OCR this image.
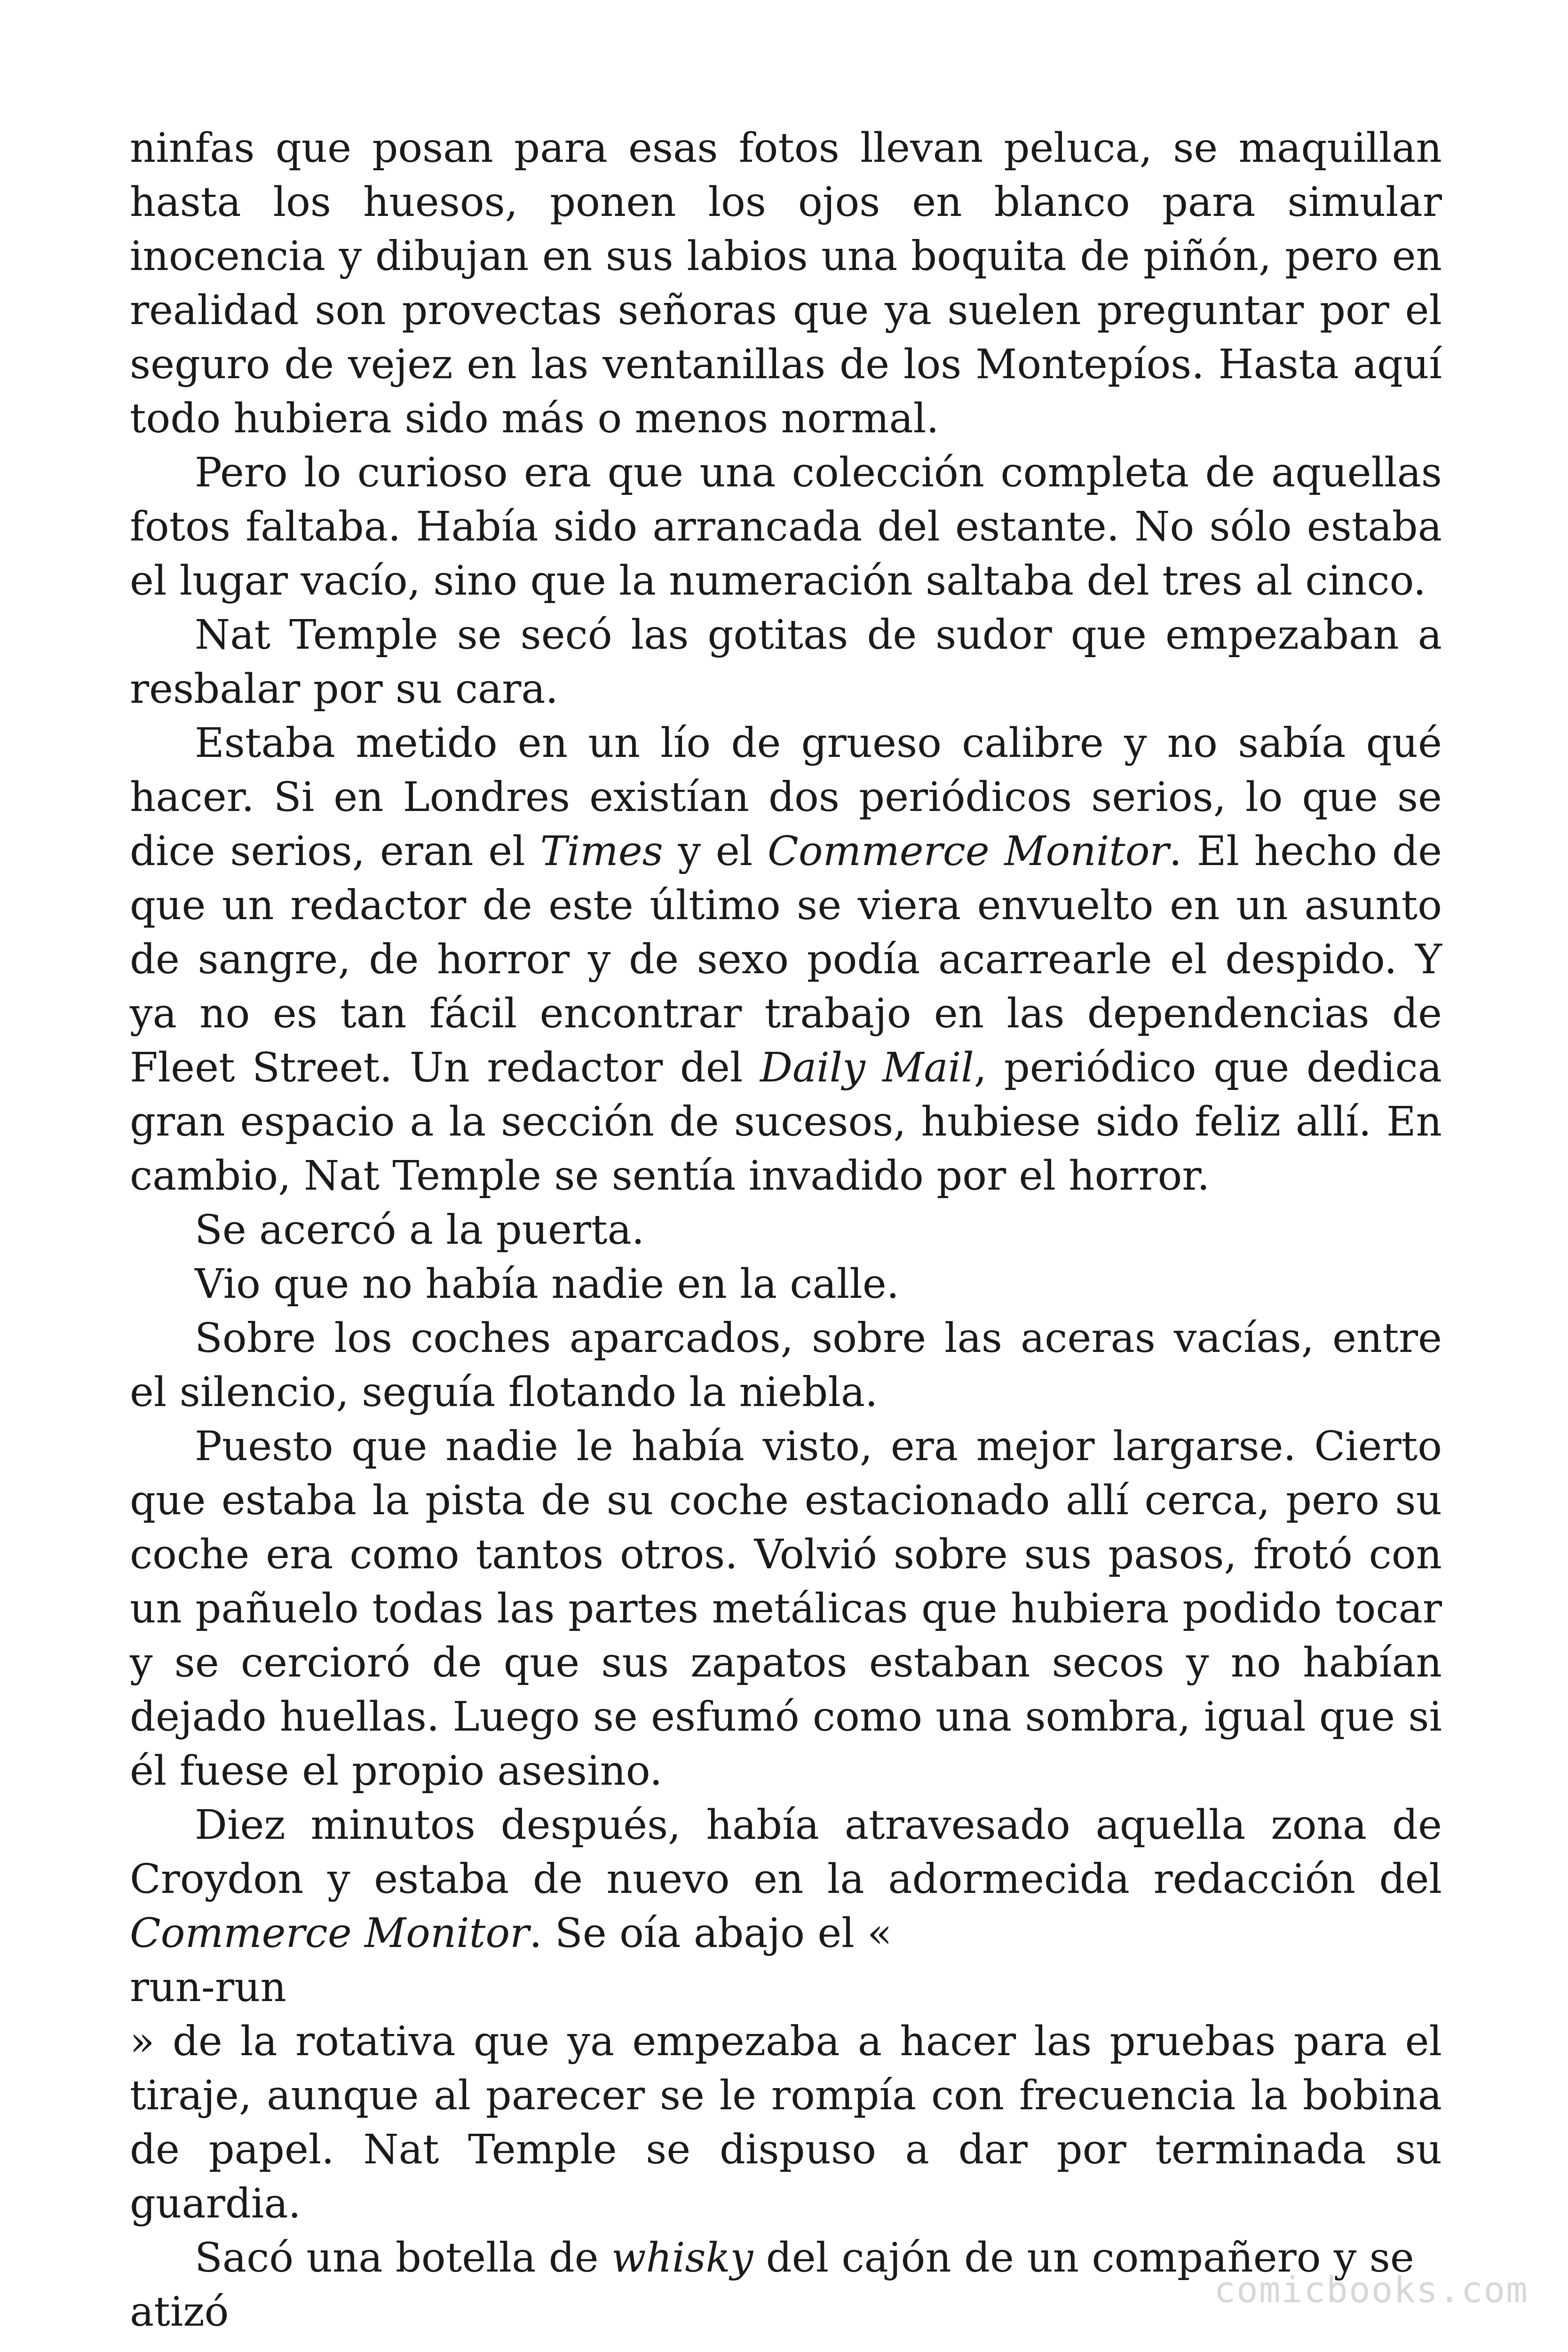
ninfas que posan para esas fotos llevan peluca, se maquillan hasta los huesos, ponen los ojos en blanco para simular inocencia y dibujan en sus labios una boquita de piñón, pero en realidad son provectas señoras que ya suelen preguntar por el seguro de vejez en las ventanillas de los Montepíos. Hasta aquí todo hubiera sido más o menos normal.

Pero lo curioso era que una colección completa de aquellas fotos faltaba. Había sido arrancada del estante. No sólo estaba el lugar vacío, sino que la numeración saltaba del tres al cinco.

Nat Temple se secó las gotitas de sudor que empezaban a resbalar por su cara.

Estaba metido en un lío de grueso calibre y no sabía qué hacer. Si en Londres existían dos periódicos serios, lo que se dice serios, eran el Times y el Commerce Monitor. El hecho de que un redactor de este último se viera envuelto en un asunto de sangre, de horror y de sexo podía acarrearle el despido. Y ya no es tan fácil encontrar trabajo en las dependencias de Fleet Street. Un redactor del Daily Mail, periódico que dedica gran espacio a la sección de sucesos, hubiese sido feliz allí. En cambio, Nat Temple se sentía invadido por el horror.

Se acercó a la puerta.

Vio que no había nadie en la calle.

Sobre los coches aparcados, sobre las aceras vacías, entre el silencio, seguía flotando la niebla.

Puesto que nadie le había visto, era mejor largarse. Cierto que estaba la pista de su coche estacionado allí cerca, pero su coche era como tantos otros. Volvió sobre sus pasos, frotó con un pañuelo todas las partes metálicas que hubiera podido tocar y se cercioró de que sus zapatos estaban secos y no habían dejado huellas. Luego se esfumó como una sombra, igual que si él fuese el propio asesino.

Diez minutos después, había atravesado aquella zona de Croydon y estaba de nuevo en la adormecida redacción del Commerce Monitor. Se oía abajo el «

run-run

» de la rotativa que ya empezaba a hacer las pruebas para el tiraje, aunque al parecer se le rompía con frecuencia la bobina de papel. Nat Temple se dispuso a dar por terminada su guardia.

Sacó una botella de whisky del cajón de un compañero y se atizó	comicbooks.com
